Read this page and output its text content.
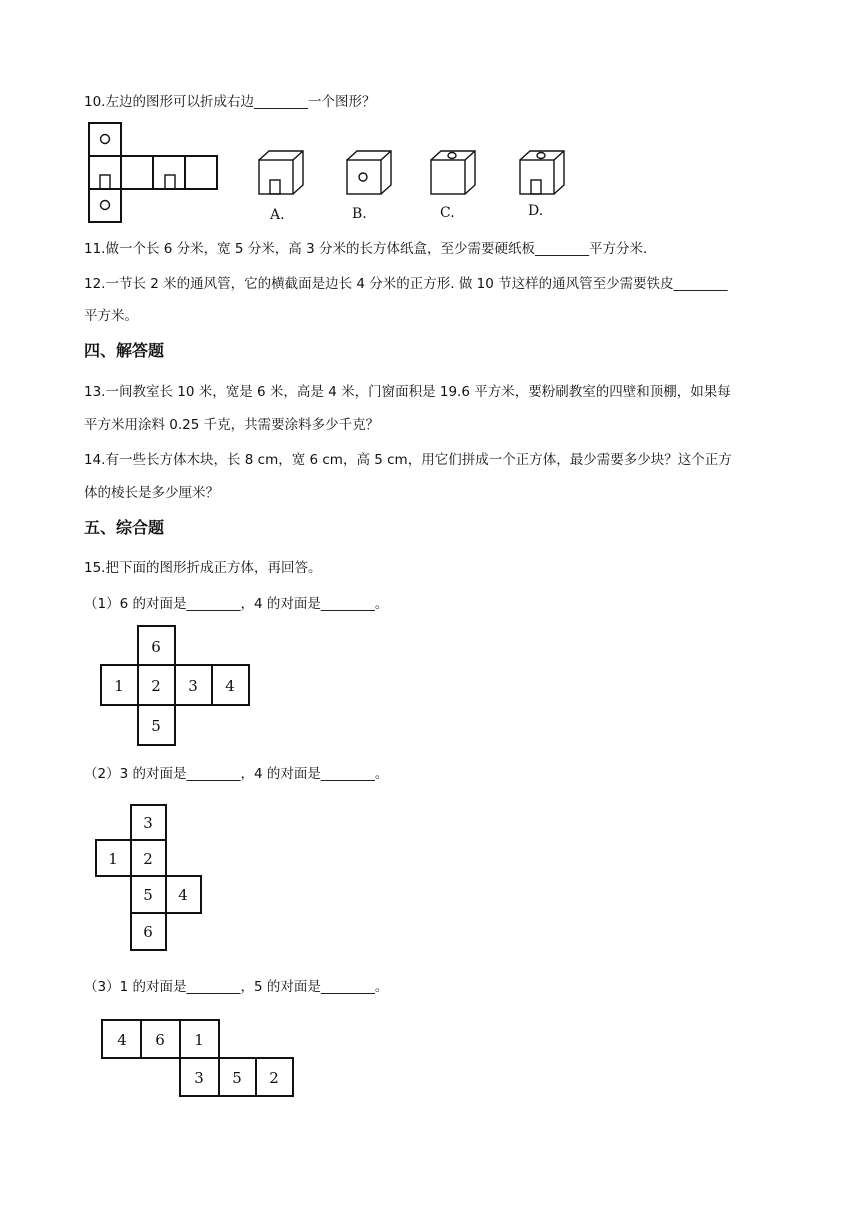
10.左边的图形可以折成右边________一个图形？
A.	B.	C.	D.
11.做一个长 6 分米，宽 5 分米，高 3 分米的长方体纸盒，至少需要硬纸板________平方分米.
12.一节长 2 米的通风管，它的横截面是边长 4 分米的正方形. 做 10 节这样的通风管至少需要铁皮________
平方米。
四、解答题
13.一间教室长 10 米，宽是 6 米，高是 4 米，门窗面积是 19.6 平方米，要粉刷教室的四壁和顶棚，如果每
平方米用涂料 0.25 千克，共需要涂料多少千克？
14.有一些长方体木块，长 8 cm，宽 6 cm，高 5 cm，用它们拼成一个正方体，最少需要多少块？这个正方
体的棱长是多少厘米？
五、综合题
15.把下面的图形折成正方体，再回答。
（1）6 的对面是________，4 的对面是________。
6
1 2 3 4
5
（2）3 的对面是________，4 的对面是________。
3
1 2
5 4
6
（3）1 的对面是________，5 的对面是________。
4 6 1
3 5 2
